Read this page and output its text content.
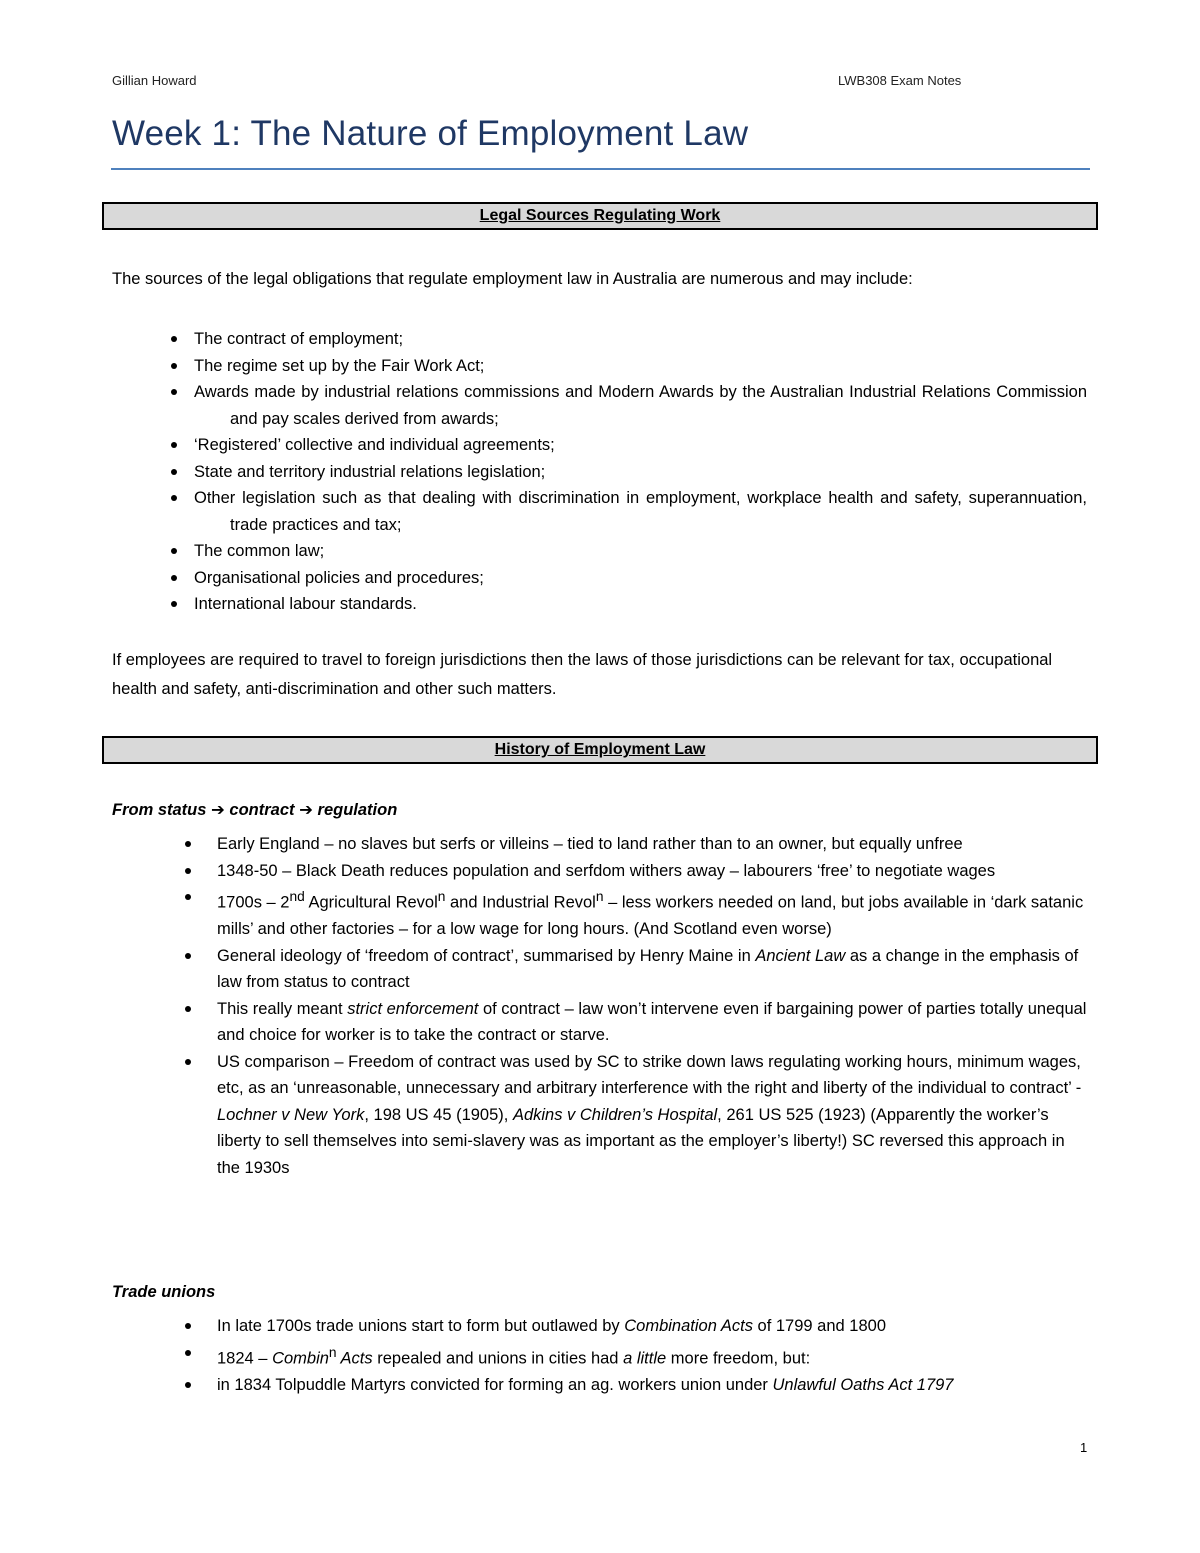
Gillian Howard	LWB308 Exam Notes
Week 1: The Nature of Employment Law
Legal Sources Regulating Work
The sources of the legal obligations that regulate employment law in Australia are numerous and may include:
The contract of employment;
The regime set up by the Fair Work Act;
Awards made by industrial relations commissions and Modern Awards by the Australian Industrial Relations Commission and pay scales derived from awards;
‘Registered’ collective and individual agreements;
State and territory industrial relations legislation;
Other legislation such as that dealing with discrimination in employment, workplace health and safety, superannuation, trade practices and tax;
The common law;
Organisational policies and procedures;
International labour standards.
If employees are required to travel to foreign jurisdictions then the laws of those jurisdictions can be relevant for tax, occupational health and safety, anti-discrimination and other such matters.
History of Employment Law
From status ➔ contract ➔ regulation
Early England – no slaves but serfs or villeins – tied to land rather than to an owner, but equally unfree
1348-50 – Black Death reduces population and serfdom withers away – labourers ‘free’ to negotiate wages
1700s – 2nd Agricultural Revol$^n$ and Industrial Revol$^n$ – less workers needed on land, but jobs available in ‘dark satanic mills’ and other factories – for a low wage for long hours. (And Scotland even worse)
General ideology of ‘freedom of contract’, summarised by Henry Maine in Ancient Law as a change in the emphasis of law from status to contract
This really meant strict enforcement of contract – law won’t intervene even if bargaining power of parties totally unequal and choice for worker is to take the contract or starve.
US comparison – Freedom of contract was used by SC to strike down laws regulating working hours, minimum wages, etc, as an ‘unreasonable, unnecessary and arbitrary interference with the right and liberty of the individual to contract’ - Lochner v New York, 198 US 45 (1905), Adkins v Children’s Hospital, 261 US 525 (1923) (Apparently the worker’s liberty to sell themselves into semi-slavery was as important as the employer’s liberty!) SC reversed this approach in the 1930s
Trade unions
In late 1700s trade unions start to form but outlawed by Combination Acts of 1799 and 1800
1824 – Combin$^n$ Acts repealed and unions in cities had a little more freedom, but:
in 1834 Tolpuddle Martyrs convicted for forming an ag. workers union under Unlawful Oaths Act 1797
1
